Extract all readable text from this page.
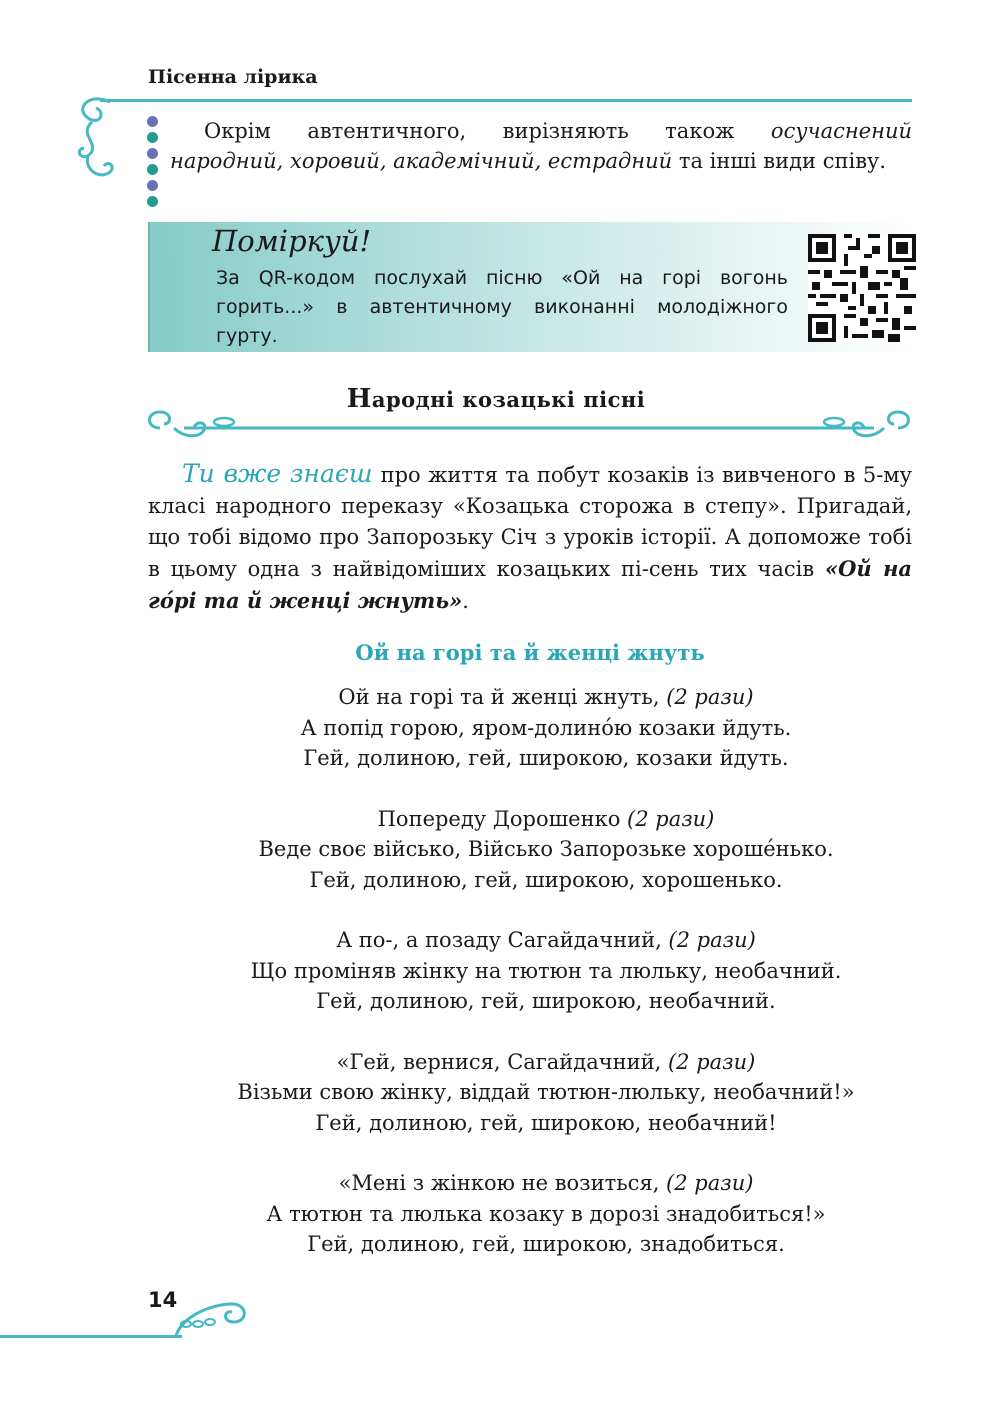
Пісенна лірика
Окрім автентичного, вирізняють також осучаснений народний, хоровий, академічний, естрадний та інші види співу.
Поміркуй!
За QR-кодом послухай пісню «Ой на горі вогонь горить...» в автентичному виконанні молодіжного гурту.
Народні козацькі пісні
Ти вже знаєш про життя та побут козаків із вивченого в 5-му класі народного переказу «Козацька сторожа в степу». Пригадай, що тобі відомо про Запорозьку Січ з уроків історії. А допоможе тобі в цьому одна з найвідоміших козацьких пі-сень тих часів «Ой на го́рі та й женці жнуть».
Ой на горі та й женці жнуть
Ой на горі та й женці жнуть, (2 рази)
А попід горою, яром-долино́ю козаки йдуть.
Гей, долиною, гей, широкою, козаки йдуть.
Попереду Дорошенко (2 рази)
Веде своє військо, Військо Запорозьке хороше́нько.
Гей, долиною, гей, широкою, хорошенько.
А по-, а позаду Сагайдачний, (2 рази)
Що проміняв жінку на тютюн та люльку, необачний.
Гей, долиною, гей, широкою, необачний.
«Гей, вернися, Сагайдачний, (2 рази)
Візьми свою жінку, віддай тютюн-люльку, необачний!»
Гей, долиною, гей, широкою, необачний!
«Мені з жінкою не возиться, (2 рази)
А тютюн та люлька козаку в дорозі знадобиться!»
Гей, долиною, гей, широкою, знадобиться.
14
